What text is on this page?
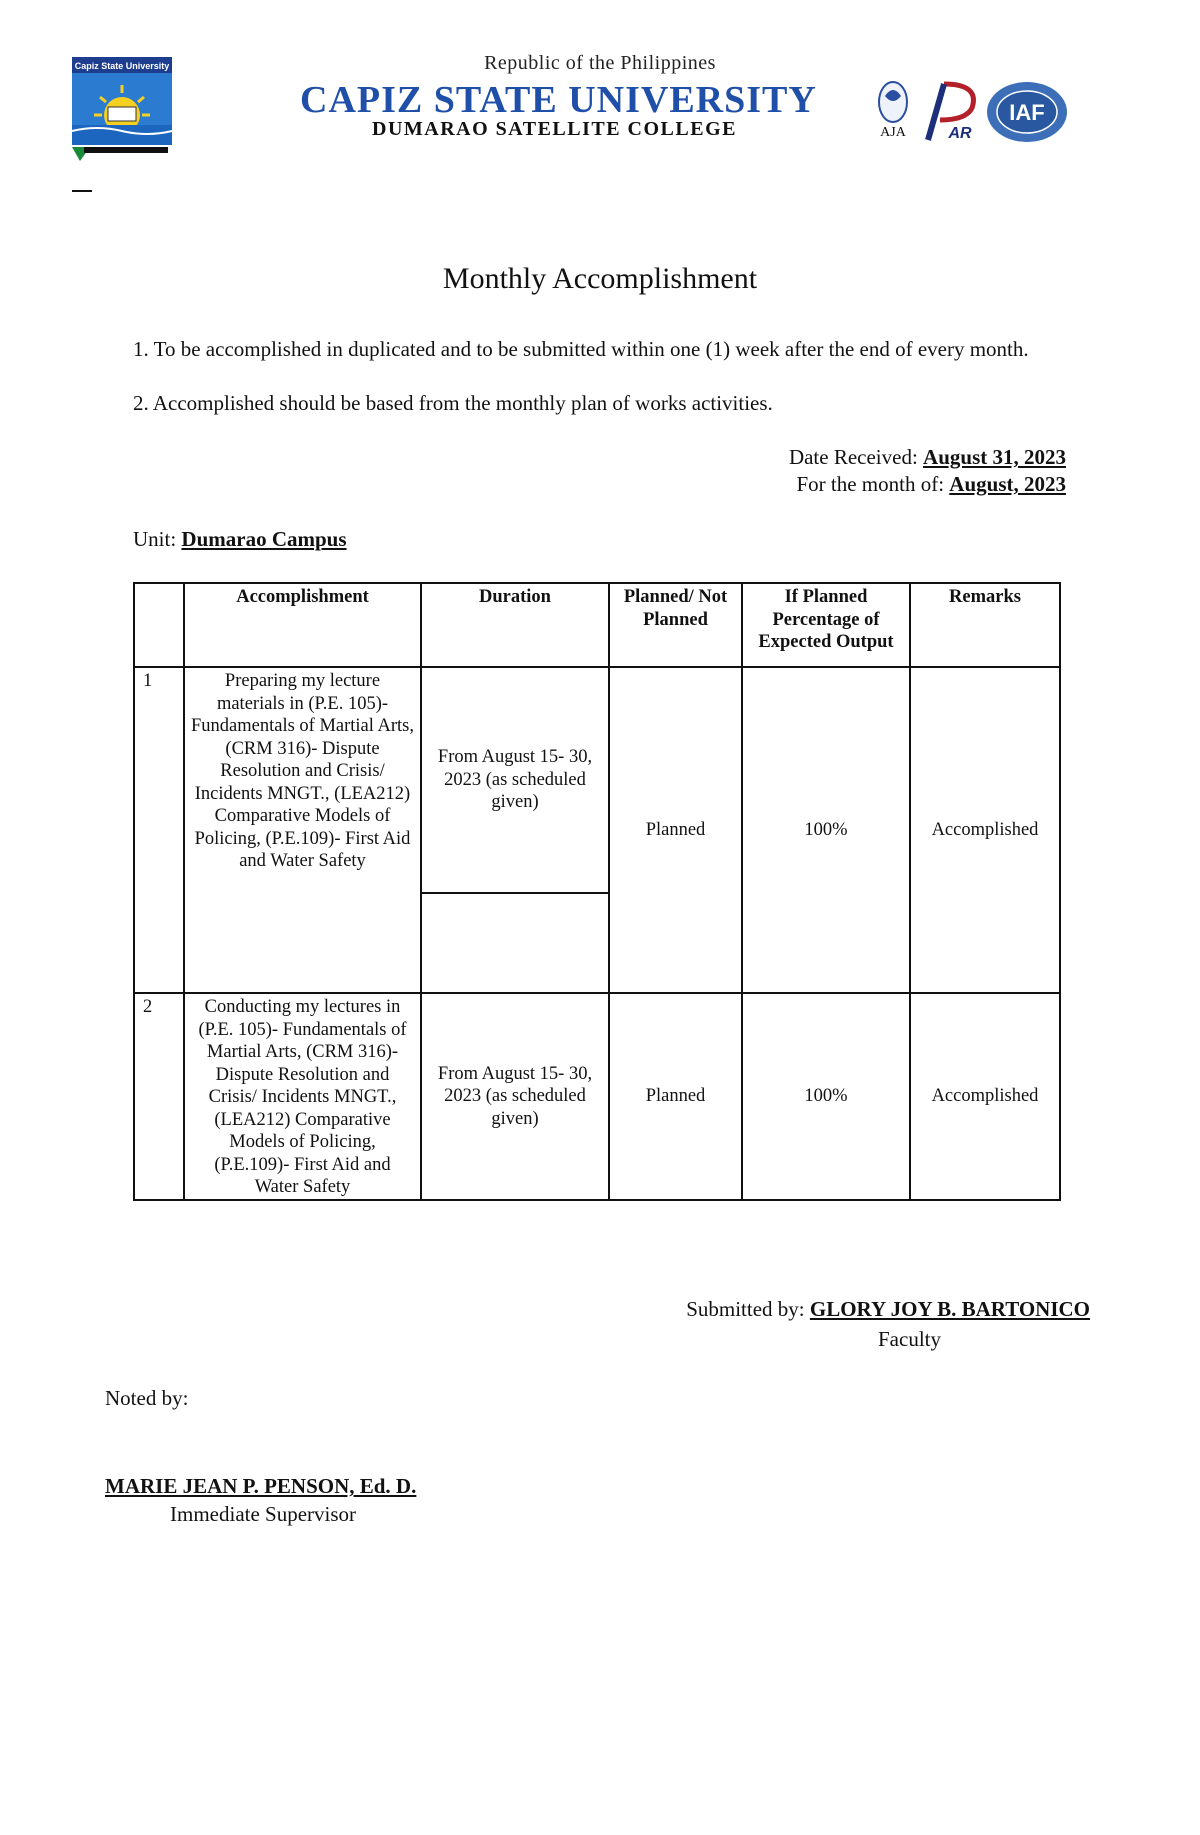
Capiz State University	Republic of the Philippines
CAPIZ STATE UNIVERSITY
DUMARAO SATELLITE COLLEGE	AJA	AR
IAF
Monthly Accomplishment
1. To be accomplished in duplicated and to be submitted within one (1) week after the end of every month.
2. Accomplished should be based from the monthly plan of works activities.
Date Received: August 31, 2023
For the month of: August, 2023
Unit: Dumarao Campus
	Accomplishment	Duration	Planned/ Not Planned	If Planned Percentage of Expected Output	Remarks
1	Preparing my lecture materials in (P.E. 105)- Fundamentals of Martial Arts, (CRM 316)- Dispute Resolution and Crisis/ Incidents MNGT., (LEA212) Comparative Models of Policing, (P.E.109)- First Aid and Water Safety	From August 15- 30, 2023 (as scheduled given)	Planned	100%	Accomplished

2	Conducting my lectures in (P.E. 105)- Fundamentals of Martial Arts, (CRM 316)- Dispute Resolution and Crisis/ Incidents MNGT., (LEA212) Comparative Models of Policing, (P.E.109)- First Aid and Water Safety	From August 15- 30, 2023 (as scheduled given)	Planned	100%	Accomplished
Submitted by: GLORY JOY B. BARTONICO
Faculty
Noted by:
MARIE JEAN P. PENSON, Ed. D.
Immediate Supervisor
